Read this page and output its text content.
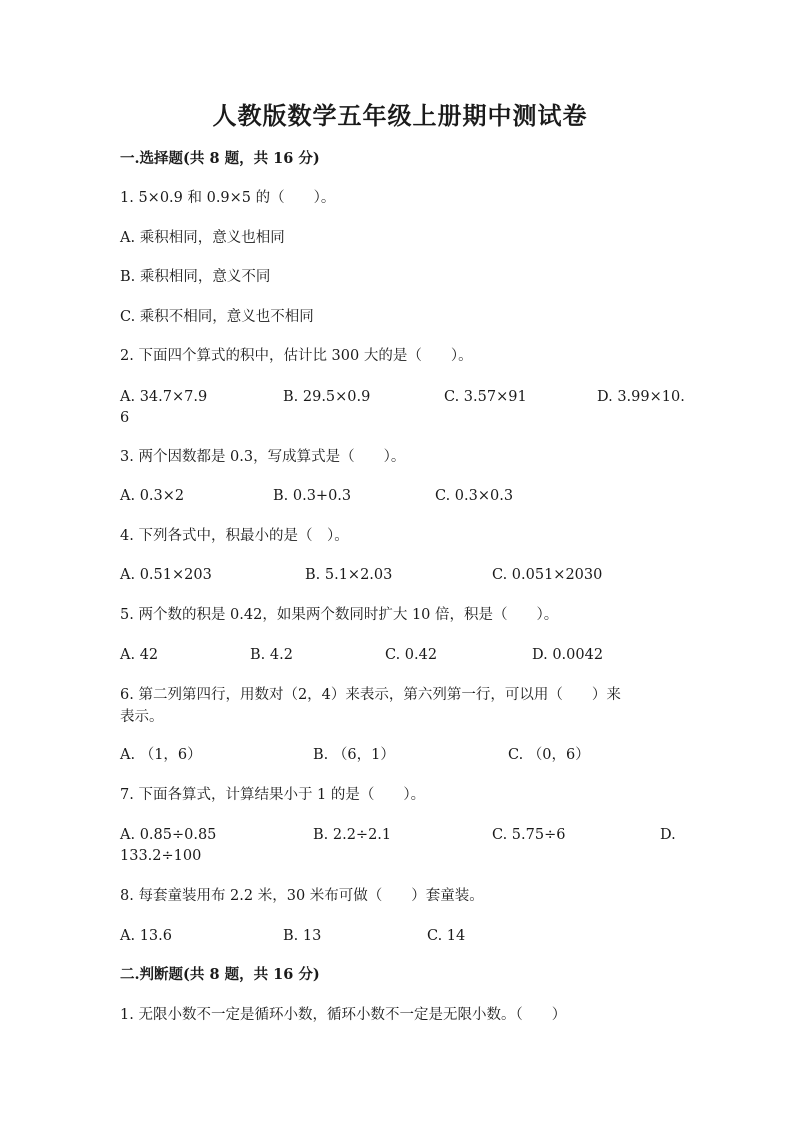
人教版数学五年级上册期中测试卷
一.选择题(共 8 题，共 16 分)
1. 5×0.9 和 0.9×5 的（　　）。
A. 乘积相同，意义也相同
B. 乘积相同，意义不同
C. 乘积不相同，意义也不相同
2. 下面四个算式的积中，估计比 300 大的是（　　）。
A. 34.7×7.9	B. 29.5×0.9	C. 3.57×91	D. 3.99×10.
6
3. 两个因数都是 0.3，写成算式是（　　）。
A. 0.3×2	B. 0.3+0.3	C. 0.3×0.3
4. 下列各式中，积最小的是（　）。
A. 0.51×203	B. 5.1×2.03	C. 0.051×2030
5. 两个数的积是 0.42，如果两个数同时扩大 10 倍，积是（　　）。
A. 42	B. 4.2	C. 0.42	D. 0.0042
6. 第二列第四行，用数对（2，4）来表示，第六列第一行，可以用（　　）来
表示。
A. （1，6）	B. （6，1）	C. （0，6）
7. 下面各算式，计算结果小于 1 的是（　　）。
A. 0.85÷0.85	B. 2.2÷2.1	C. 5.75÷6	D.
133.2÷100
8. 每套童装用布 2.2 米，30 米布可做（　　）套童装。
A. 13.6	B. 13	C. 14
二.判断题(共 8 题，共 16 分)
1. 无限小数不一定是循环小数，循环小数不一定是无限小数。（　　）
